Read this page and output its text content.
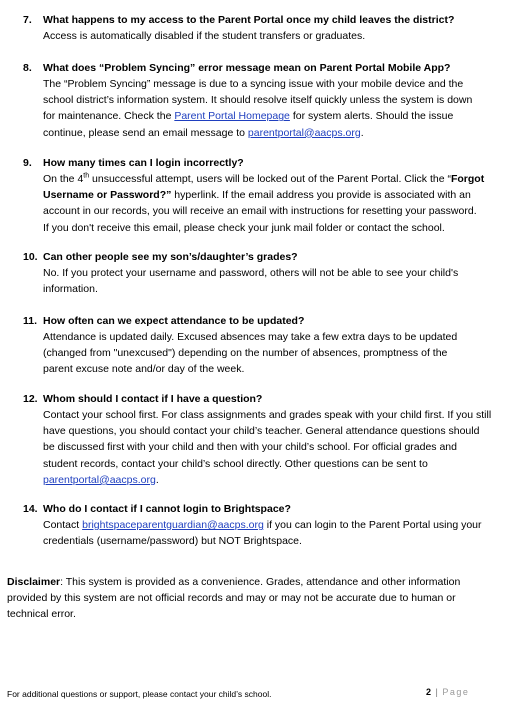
7. What happens to my access to the Parent Portal once my child leaves the district?
Access is automatically disabled if the student transfers or graduates.
8. What does “Problem Syncing” error message mean on Parent Portal Mobile App?
The “Problem Syncing” message is due to a syncing issue with your mobile device and the
school district’s information system. It should resolve itself quickly unless the system is down
for maintenance. Check the Parent Portal Homepage for system alerts. Should the issue
continue, please send an email message to parentportal@aacps.org.
9. How many times can I login incorrectly?
On the 4th unsuccessful attempt, users will be locked out of the Parent Portal. Click the “Forgot
Username or Password?” hyperlink. If the email address you provide is associated with an
account in our records, you will receive an email with instructions for resetting your password.
If you don't receive this email, please check your junk mail folder or contact the school.
10. Can other people see my son’s/daughter’s grades?
No. If you protect your username and password, others will not be able to see your child's
information.
11. How often can we expect attendance to be updated?
Attendance is updated daily. Excused absences may take a few extra days to be updated
(changed from "unexcused") depending on the number of absences, promptness of the
parent excuse note and/or day of the week.
12. Whom should I contact if I have a question?
Contact your school first. For class assignments and grades speak with your child first. If you still
have questions, you should contact your child’s teacher. General attendance questions should
be discussed first with your child and then with your child’s school. For official grades and
student records, contact your child’s school directly. Other questions can be sent to
parentportal@aacps.org.
14. Who do I contact if I cannot login to Brightspace?
Contact brightspaceparentguardian@aacps.org if you can login to the Parent Portal using your
credentials (username/password) but NOT Brightspace.
Disclaimer: This system is provided as a convenience. Grades, attendance and other information
provided by this system are not official records and may or may not be accurate due to human or
technical error.
For additional questions or support, please contact your child’s school.	2 | Page
